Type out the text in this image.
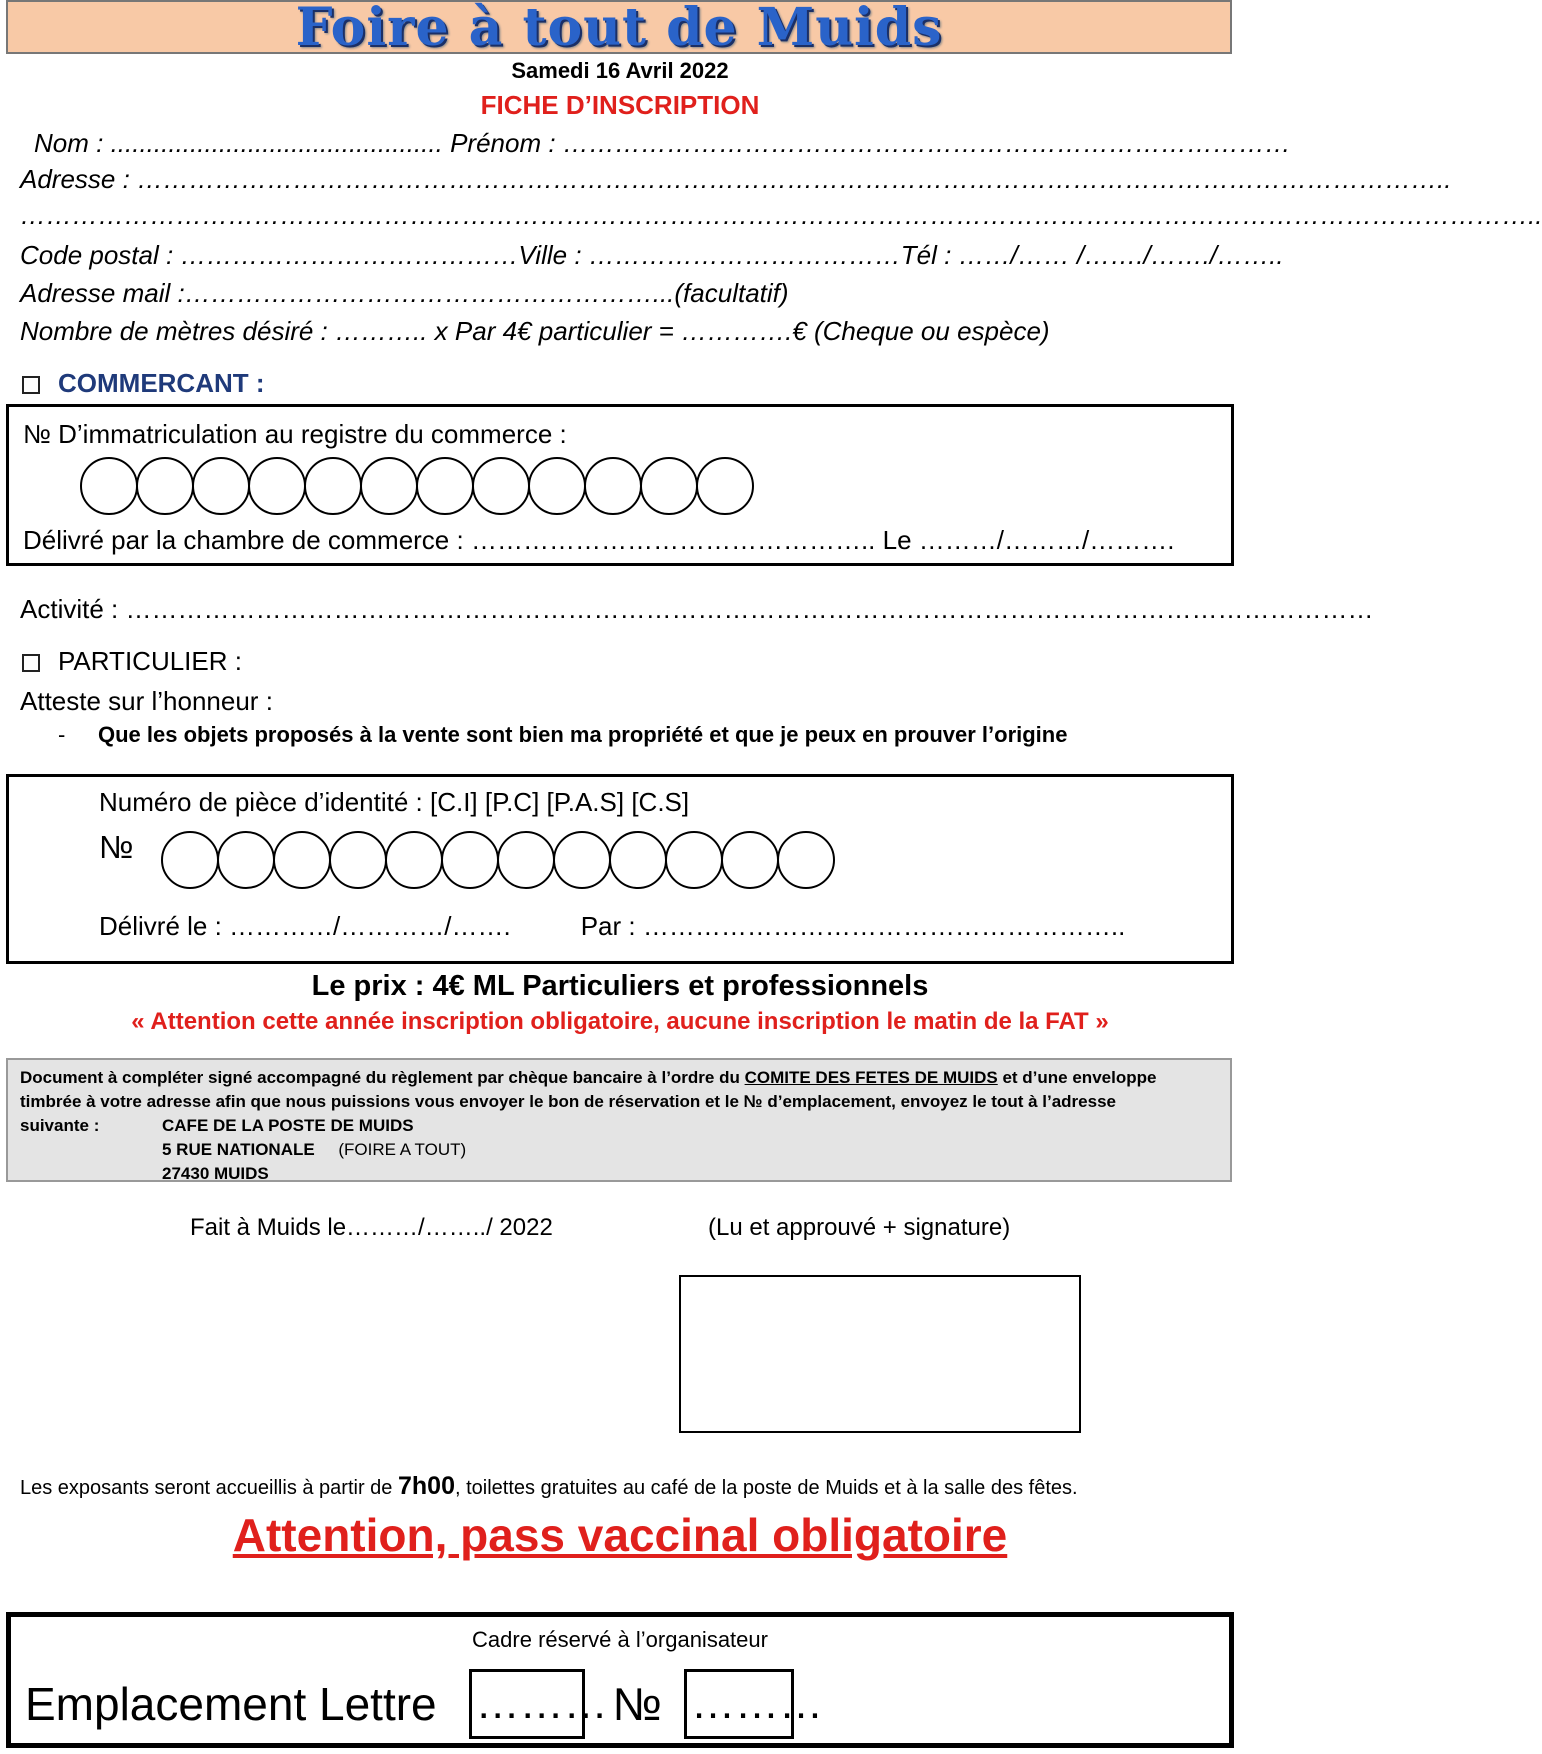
Foire à tout de Muids
Samedi 16 Avril 2022
FICHE D’INSCRIPTION
Nom : .............................................. Prénom : …………………………………………………………………………
Adresse : ……………………………………………………………………………………………………………………………………..
…………………………………………………………………………………………………………………………………………………………..
Code postal : …………………………………Ville : ………………………………Tél : ……/…… /……./……./……..
Adresse mail :………………………………………………...(facultatif)
Nombre de mètres désiré : ……….. x Par 4€ particulier = ………….€ (Cheque ou espèce)
COMMERCANT :
№ D’immatriculation au registre du commerce :
Délivré par la chambre de commerce : ……………………………………….. Le ………/………/……….
Activité : ………………………………………………………………………………………………………………………………
PARTICULIER :
Atteste sur l’honneur :
- Que les objets proposés à la vente sont bien ma propriété et que je peux en prouver l’origine
Numéro de pièce d’identité : [C.I] [P.C] [P.A.S] [C.S]
№
Délivré le : …………/…………/…….	Par : ………………………………………………..
Le prix : 4€ ML Particuliers et professionnels
« Attention cette année inscription obligatoire, aucune inscription le matin de la FAT »
Document à compléter signé accompagné du règlement par chèque bancaire à l’ordre du COMITE DES FETES DE MUIDS et d’une enveloppe timbrée à votre adresse afin que nous puissions vous envoyer le bon de réservation et le № d’emplacement, envoyez le tout à l’adresse
suivante :	CAFE DE LA POSTE DE MUIDS
5 RUE NATIONALE (FOIRE A TOUT)
27430 MUIDS
Fait à Muids le………/……../ 2022	(Lu et approuvé + signature)
Les exposants seront accueillis à partir de 7h00, toilettes gratuites au café de la poste de Muids et à la salle des fêtes.
Attention, pass vaccinal obligatoire
Cadre réservé à l’organisateur
Emplacement Lettre ……… № ………
